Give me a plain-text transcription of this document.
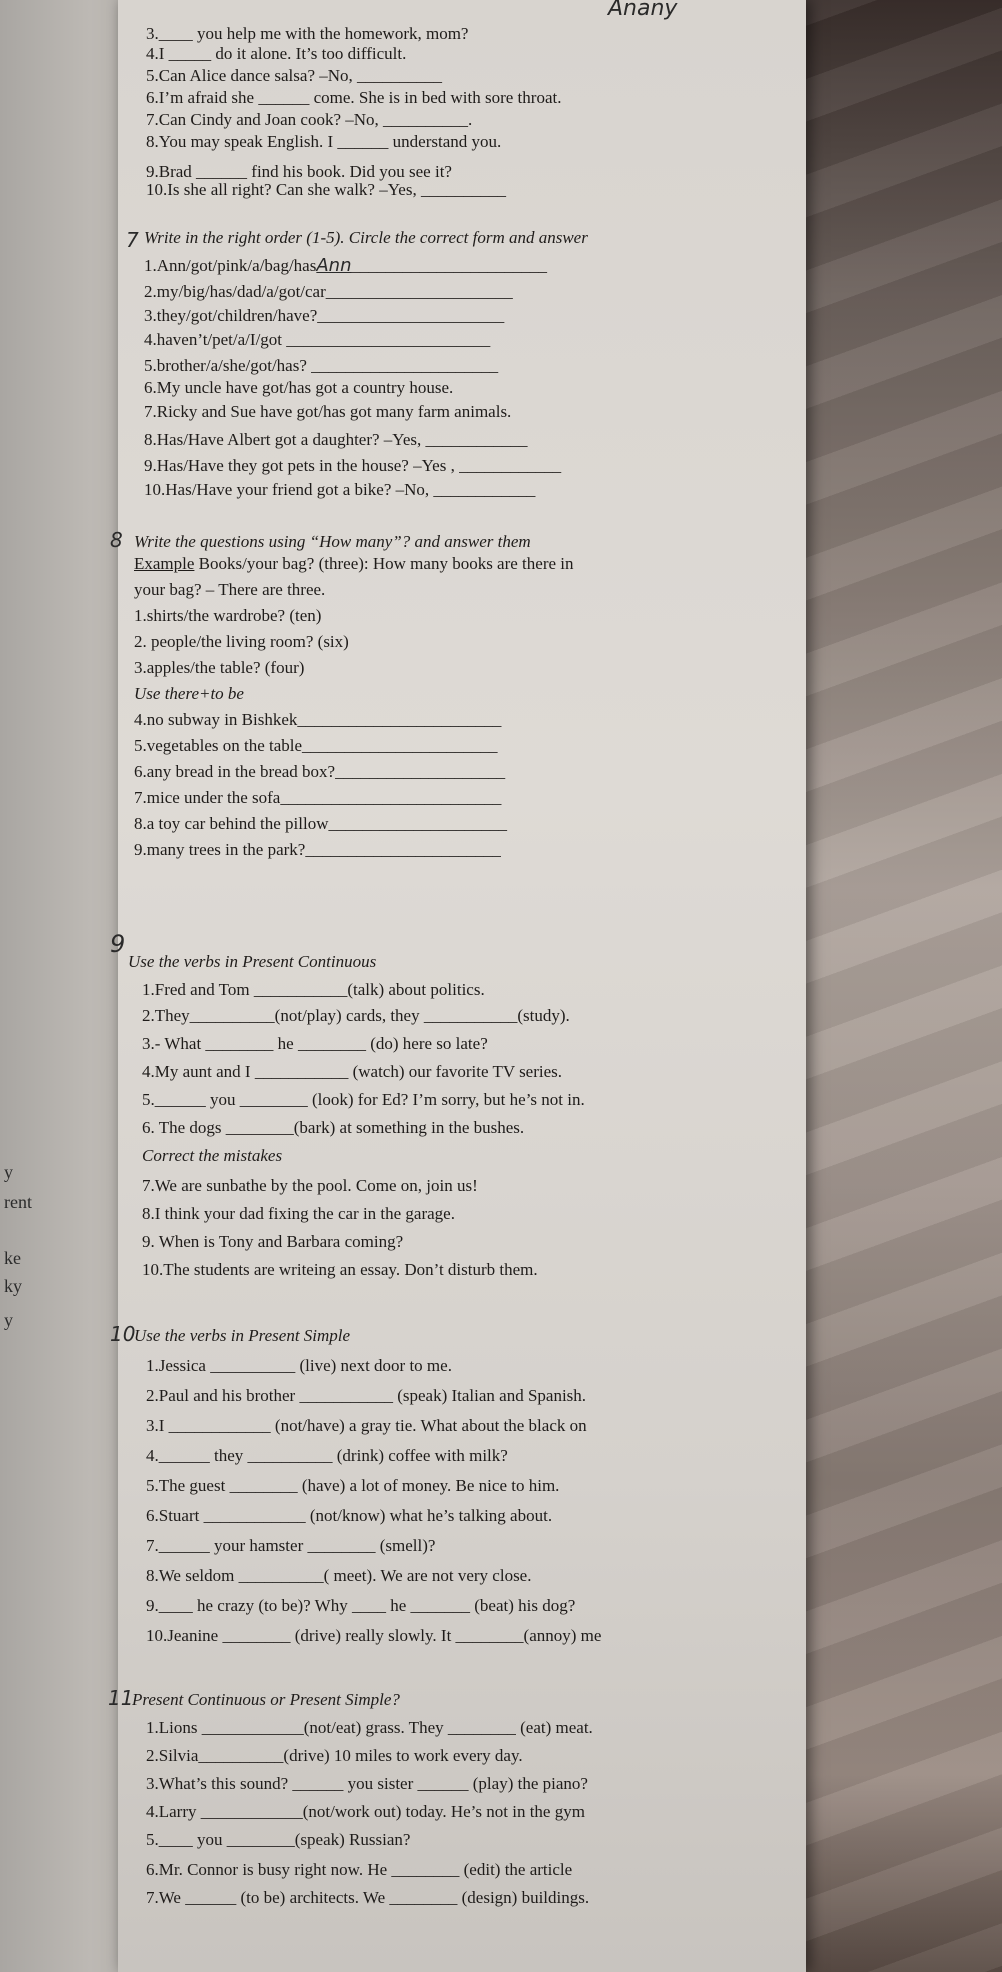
y
rent
ke
ky
y
Anany
3.____ you help me with the homework, mom?
4.I _____ do it alone. It’s too difficult.
5.Can Alice dance salsa? –No, __________
6.I’m afraid she ______ come. She is in bed with sore throat.
7.Can Cindy and Joan cook? –No, __________.
8.You may speak English. I ______ understand you.
9.Brad ______ find his book. Did you see it?
10.Is she all right? Can she walk? –Yes, __________
7 Write in the right order (1-5). Circle the correct form and answer
1.Ann/got/pink/a/bag/hasAnn_______________________
2.my/big/has/dad/a/got/car______________________
3.they/got/children/have?______________________
4.haven’t/pet/a/I/got ________________________
5.brother/a/she/got/has? ______________________
6.My uncle have got/has got a country house.
7.Ricky and Sue have got/has got many farm animals.
8.Has/Have Albert got a daughter? –Yes, ____________
9.Has/Have they got pets in the house? –Yes , ____________
10.Has/Have your friend got a bike? –No, ____________
8 Write the questions using “How many”? and answer them
Example Books/your bag? (three): How many books are there in
your bag? – There are three.
1.shirts/the wardrobe? (ten)
2. people/the living room? (six)
3.apples/the table? (four)
Use there+to be
4.no subway in Bishkek________________________
5.vegetables on the table_______________________
6.any bread in the bread box?____________________
7.mice under the sofa__________________________
8.a toy car behind the pillow_____________________
9.many trees in the park?_______________________
9
Use the verbs in Present Continuous
1.Fred and Tom ___________(talk) about politics.
2.They__________(not/play) cards, they ___________(study).
3.- What ________ he ________ (do) here so late?
4.My aunt and I ___________ (watch) our favorite TV series.
5.______ you ________ (look) for Ed? I’m sorry, but he’s not in.
6. The dogs ________(bark) at something in the bushes.
Correct the mistakes
7.We are sunbathe by the pool. Come on, join us!
8.I think your dad fixing the car in the garage.
9. When is Tony and Barbara coming?
10.The students are writeing an essay. Don’t disturb them.
10
Use the verbs in Present Simple
1.Jessica __________ (live) next door to me.
2.Paul and his brother ___________ (speak) Italian and Spanish.
3.I ____________ (not/have) a gray tie. What about the black on
4.______ they __________ (drink) coffee with milk?
5.The guest ________ (have) a lot of money. Be nice to him.
6.Stuart ____________ (not/know) what he’s talking about.
7.______ your hamster ________ (smell)?
8.We seldom __________( meet). We are not very close.
9.____ he crazy (to be)? Why ____ he _______ (beat) his dog?
10.Jeanine ________ (drive) really slowly. It ________(annoy) me
11
Present Continuous or Present Simple?
1.Lions ____________(not/eat) grass. They ________ (eat) meat.
2.Silvia__________(drive) 10 miles to work every day.
3.What’s this sound? ______ you sister ______ (play) the piano?
4.Larry ____________(not/work out) today. He’s not in the gym
5.____ you ________(speak) Russian?
6.Mr. Connor is busy right now. He ________ (edit) the article
7.We ______ (to be) architects. We ________ (design) buildings.
